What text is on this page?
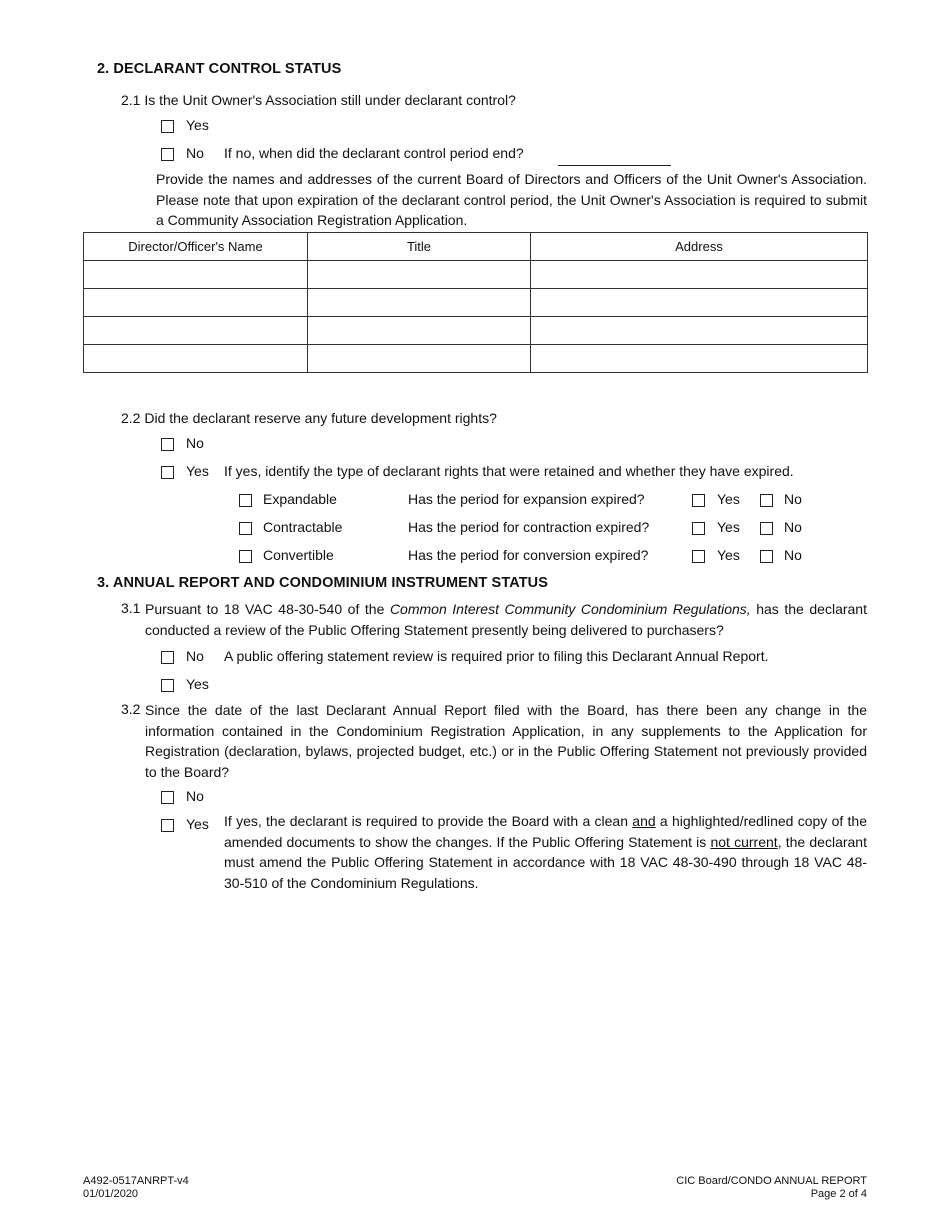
2. DECLARANT CONTROL STATUS
2.1 Is the Unit Owner's Association still under declarant control?
Yes
No If no, when did the declarant control period end?
Provide the names and addresses of the current Board of Directors and Officers of the Unit Owner's Association. Please note that upon expiration of the declarant control period, the Unit Owner's Association is required to submit a Community Association Registration Application.
Director/Officer's Name	Title	Address

2.2 Did the declarant reserve any future development rights?
No
Yes If yes, identify the type of declarant rights that were retained and whether they have expired.
Expandable	Has the period for expansion expired?	Yes	No
Contractable	Has the period for contraction expired?	Yes	No
Convertible	Has the period for conversion expired?	Yes	No
3. ANNUAL REPORT AND CONDOMINIUM INSTRUMENT STATUS
3.1 Pursuant to 18 VAC 48-30-540 of the Common Interest Community Condominium Regulations, has the declarant conducted a review of the Public Offering Statement presently being delivered to purchasers?
No A public offering statement review is required prior to filing this Declarant Annual Report.
Yes
3.2 Since the date of the last Declarant Annual Report filed with the Board, has there been any change in the information contained in the Condominium Registration Application, in any supplements to the Application for Registration (declaration, bylaws, projected budget, etc.) or in the Public Offering Statement not previously provided to the Board?
No
Yes If yes, the declarant is required to provide the Board with a clean and a highlighted/redlined copy of the amended documents to show the changes. If the Public Offering Statement is not current, the declarant must amend the Public Offering Statement in accordance with 18 VAC 48-30-490 through 18 VAC 48-30-510 of the Condominium Regulations.
A492-0517ANRPT-v4
01/01/2020
CIC Board/CONDO ANNUAL REPORT
Page 2 of 4
